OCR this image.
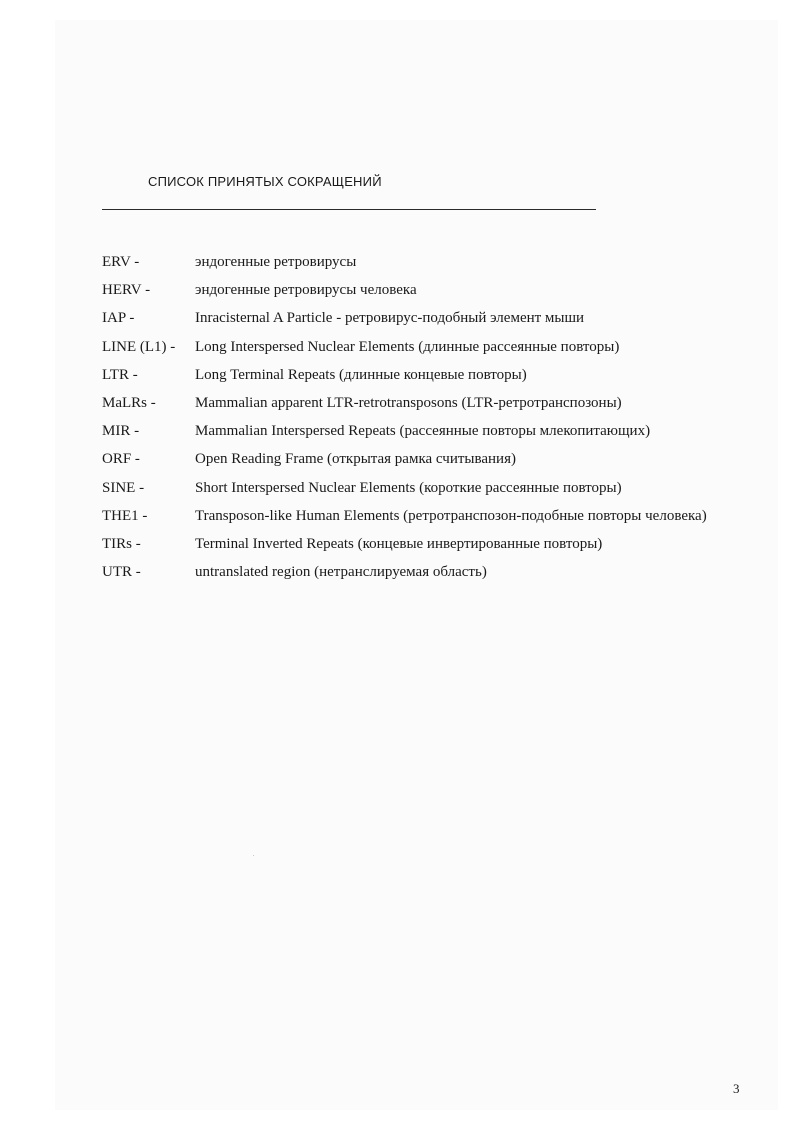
СПИСОК ПРИНЯТЫХ СОКРАЩЕНИЙ
ERV -	эндогенные ретровирусы
HERV -	эндогенные ретровирусы человека
IAP -	Inracisternal A Particle - ретровирус-подобный элемент мыши
LINE (L1) -	Long Interspersed Nuclear Elements (длинные рассеянные повторы)
LTR -	Long Terminal Repeats (длинные концевые повторы)
MaLRs -	Mammalian apparent LTR-retrotransposons (LTR-ретротранспозоны)
MIR -	Mammalian Interspersed Repeats (рассеянные повторы млекопитающих)
ORF -	Open Reading Frame (открытая рамка считывания)
SINE -	Short Interspersed Nuclear Elements (короткие рассеянные повторы)
THE1 -	Transposon-like Human Elements (ретротранспозон-подобные повторы человека)
TIRs -	Terminal Inverted Repeats (концевые инвертированные повторы)
UTR -	untranslated region (нетранслируемая область)
3
